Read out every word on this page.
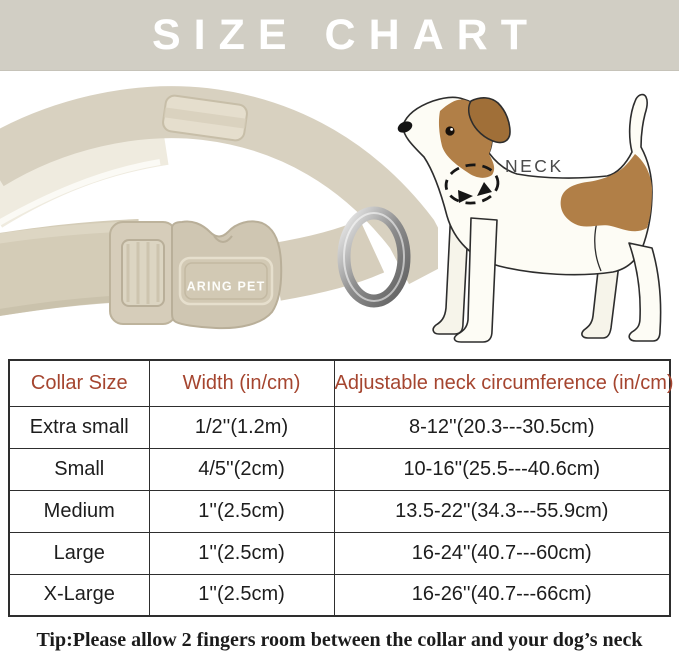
SIZE CHART
ARING PET
NECK
Collar Size	Width (in/cm)	Adjustable neck circumference (in/cm)
Extra small	1/2''(1.2m)	8-12''(20.3---30.5cm)
Small	4/5''(2cm)	10-16''(25.5---40.6cm)
Medium	1''(2.5cm)	13.5-22''(34.3---55.9cm)
Large	1''(2.5cm)	16-24''(40.7---60cm)
X-Large	1''(2.5cm)	16-26''(40.7---66cm)

Tip:Please allow 2 fingers room between the collar and your dog’s neck
